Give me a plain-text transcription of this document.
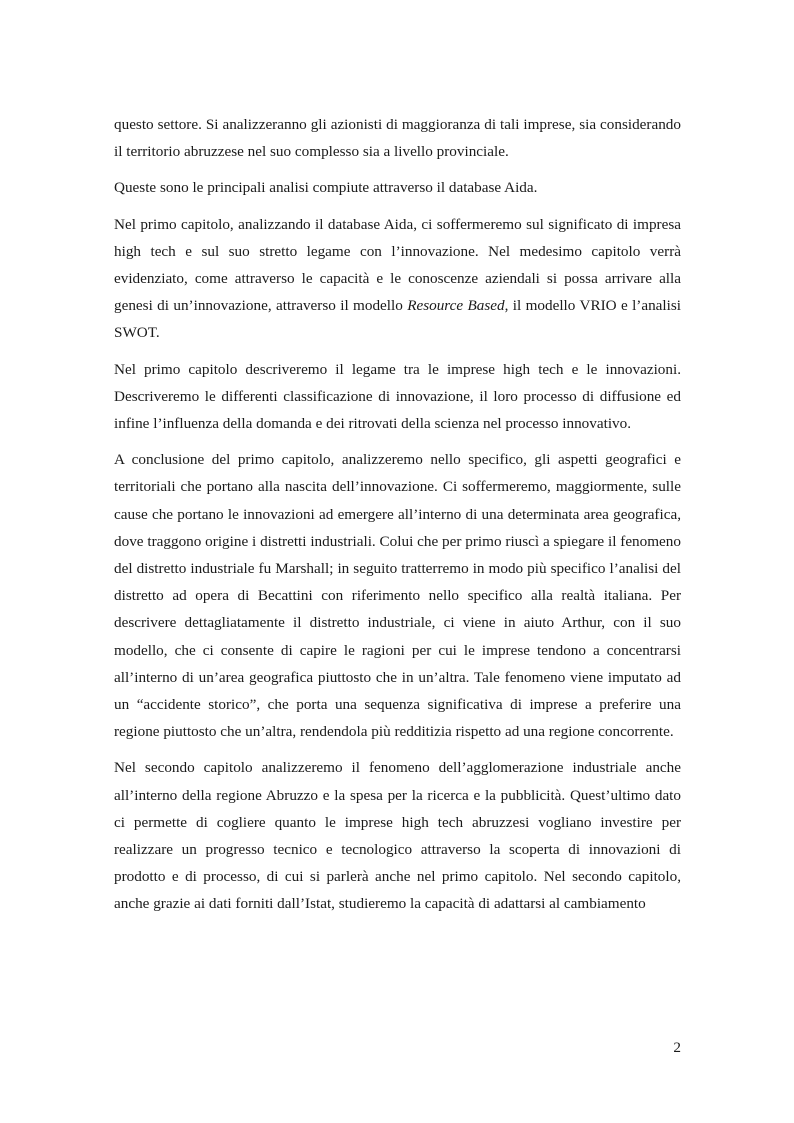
questo settore. Si analizzeranno gli azionisti di maggioranza di tali imprese, sia considerando il territorio abruzzese nel suo complesso sia a livello provinciale.

Queste sono le principali analisi compiute attraverso il database Aida.

Nel primo capitolo, analizzando il database Aida, ci soffermeremo sul significato di impresa high tech e sul suo stretto legame con l’innovazione. Nel medesimo capitolo verrà evidenziato, come attraverso le capacità e le conoscenze aziendali si possa arrivare alla genesi di un’innovazione, attraverso il modello Resource Based, il modello VRIO e l’analisi SWOT.

Nel primo capitolo descriveremo il legame tra le imprese high tech e le innovazioni. Descriveremo le differenti classificazione di innovazione, il loro processo di diffusione ed infine l’influenza della domanda e dei ritrovati della scienza nel processo innovativo.

A conclusione del primo capitolo, analizzeremo nello specifico, gli aspetti geografici e territoriali che portano alla nascita dell’innovazione. Ci soffermeremo, maggiormente, sulle cause che portano le innovazioni ad emergere all’interno di una determinata area geografica, dove traggono origine i distretti industriali. Colui che per primo riuscì a spiegare il fenomeno del distretto industriale fu Marshall; in seguito tratterremo in modo più specifico l’analisi del distretto ad opera di Becattini con riferimento nello specifico alla realtà italiana. Per descrivere dettagliatamente il distretto industriale, ci viene in aiuto Arthur, con il suo modello, che ci consente di capire le ragioni per cui le imprese tendono a concentrarsi all’interno di un’area geografica piuttosto che in un’altra. Tale fenomeno viene imputato ad un “accidente storico”, che porta una sequenza significativa di imprese a preferire una regione piuttosto che un’altra, rendendola più redditizia rispetto ad una regione concorrente.

Nel secondo capitolo analizzeremo il fenomeno dell’agglomerazione industriale anche all’interno della regione Abruzzo e la spesa per la ricerca e la pubblicità. Quest’ultimo dato ci permette di cogliere quanto le imprese high tech abruzzesi vogliano investire per realizzare un progresso tecnico e tecnologico attraverso la scoperta di innovazioni di prodotto e di processo, di cui si parlerà anche nel primo capitolo. Nel secondo capitolo, anche grazie ai dati forniti dall’Istat, studieremo la capacità di adattarsi al cambiamento

2
